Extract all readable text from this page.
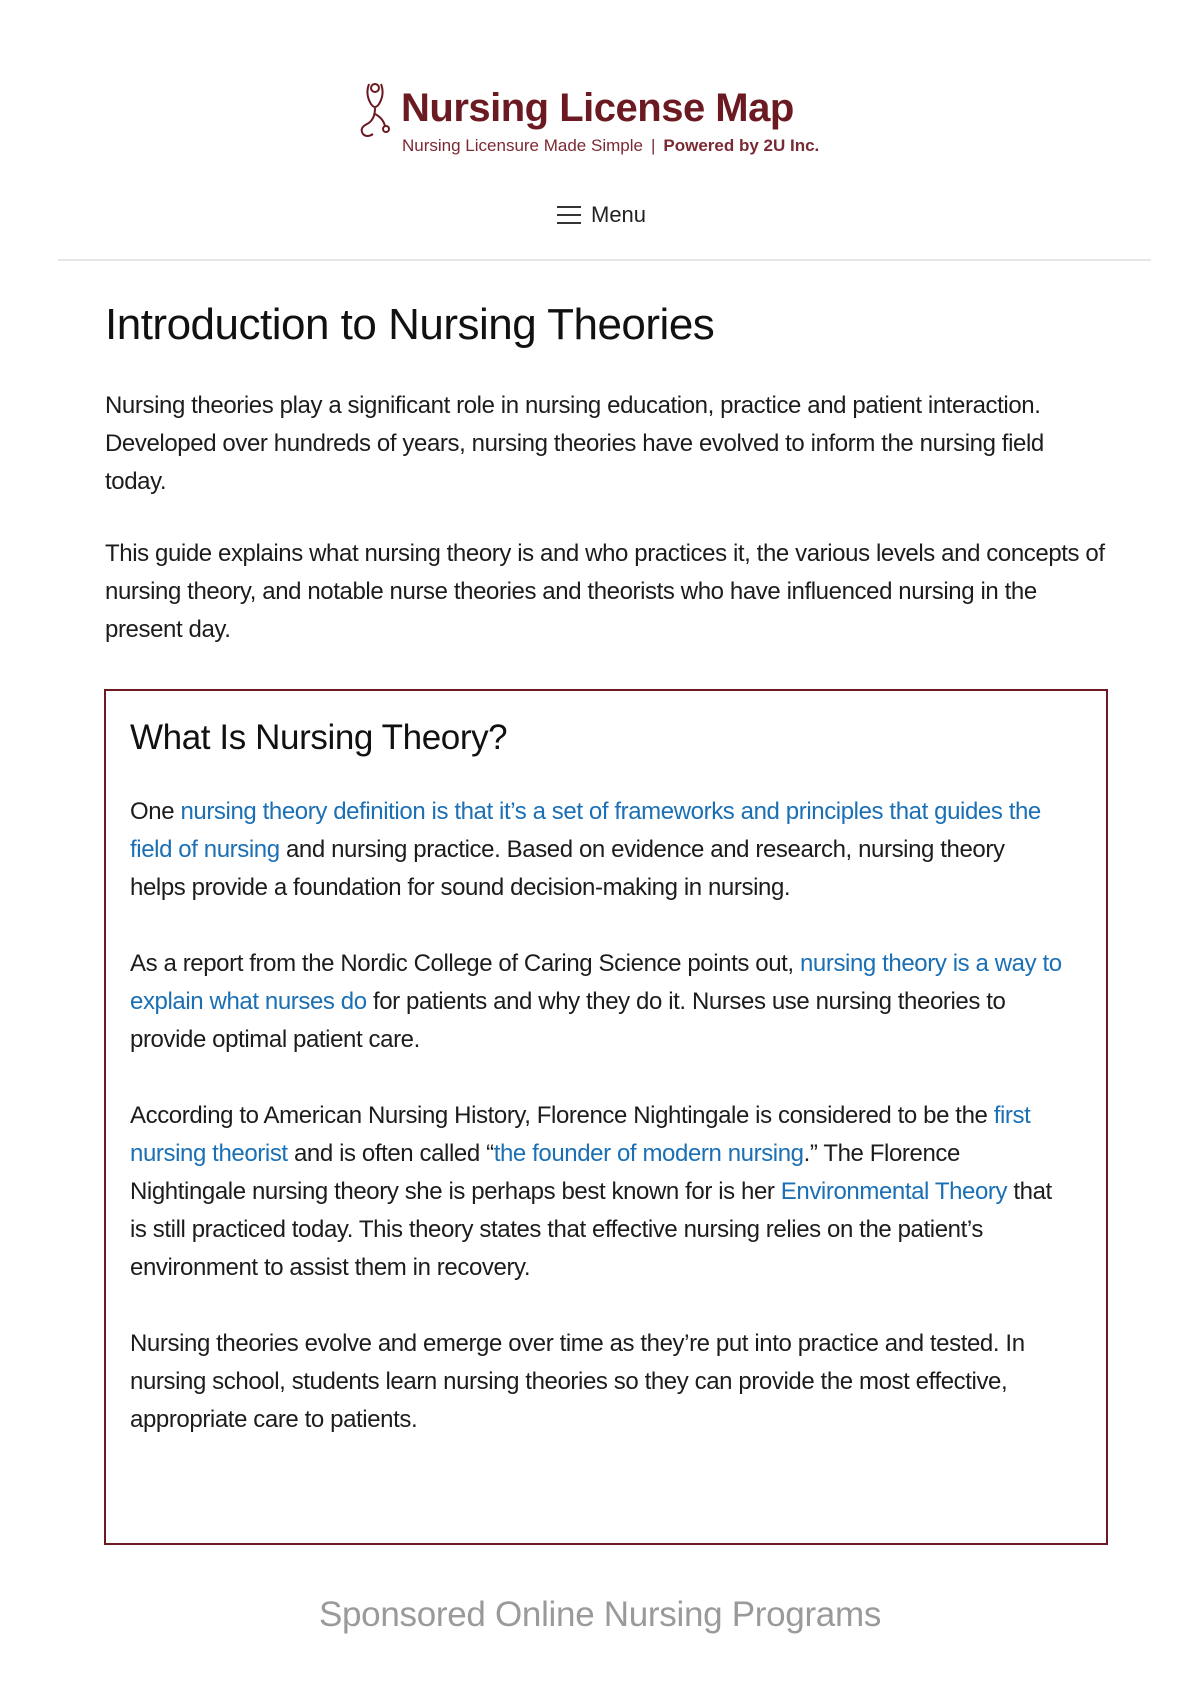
Nursing License Map
Nursing Licensure Made Simple | Powered by 2U Inc.
Menu
Introduction to Nursing Theories

Nursing theories play a significant role in nursing education, practice and patient interaction. Developed over hundreds of years, nursing theories have evolved to inform the nursing field today.

This guide explains what nursing theory is and who practices it, the various levels and concepts of nursing theory, and notable nurse theories and theorists who have influenced nursing in the present day.

What Is Nursing Theory?

One nursing theory definition is that it’s a set of frameworks and principles that guides the field of nursing and nursing practice. Based on evidence and research, nursing theory helps provide a foundation for sound decision-making in nursing.

As a report from the Nordic College of Caring Science points out, nursing theory is a way to explain what nurses do for patients and why they do it. Nurses use nursing theories to provide optimal patient care.

According to American Nursing History, Florence Nightingale is considered to be the first nursing theorist and is often called “the founder of modern nursing.” The Florence Nightingale nursing theory she is perhaps best known for is her Environmental Theory that is still practiced today. This theory states that effective nursing relies on the patient’s environment to assist them in recovery.

Nursing theories evolve and emerge over time as they’re put into practice and tested. In nursing school, students learn nursing theories so they can provide the most effective, appropriate care to patients.

Sponsored Online Nursing Programs
